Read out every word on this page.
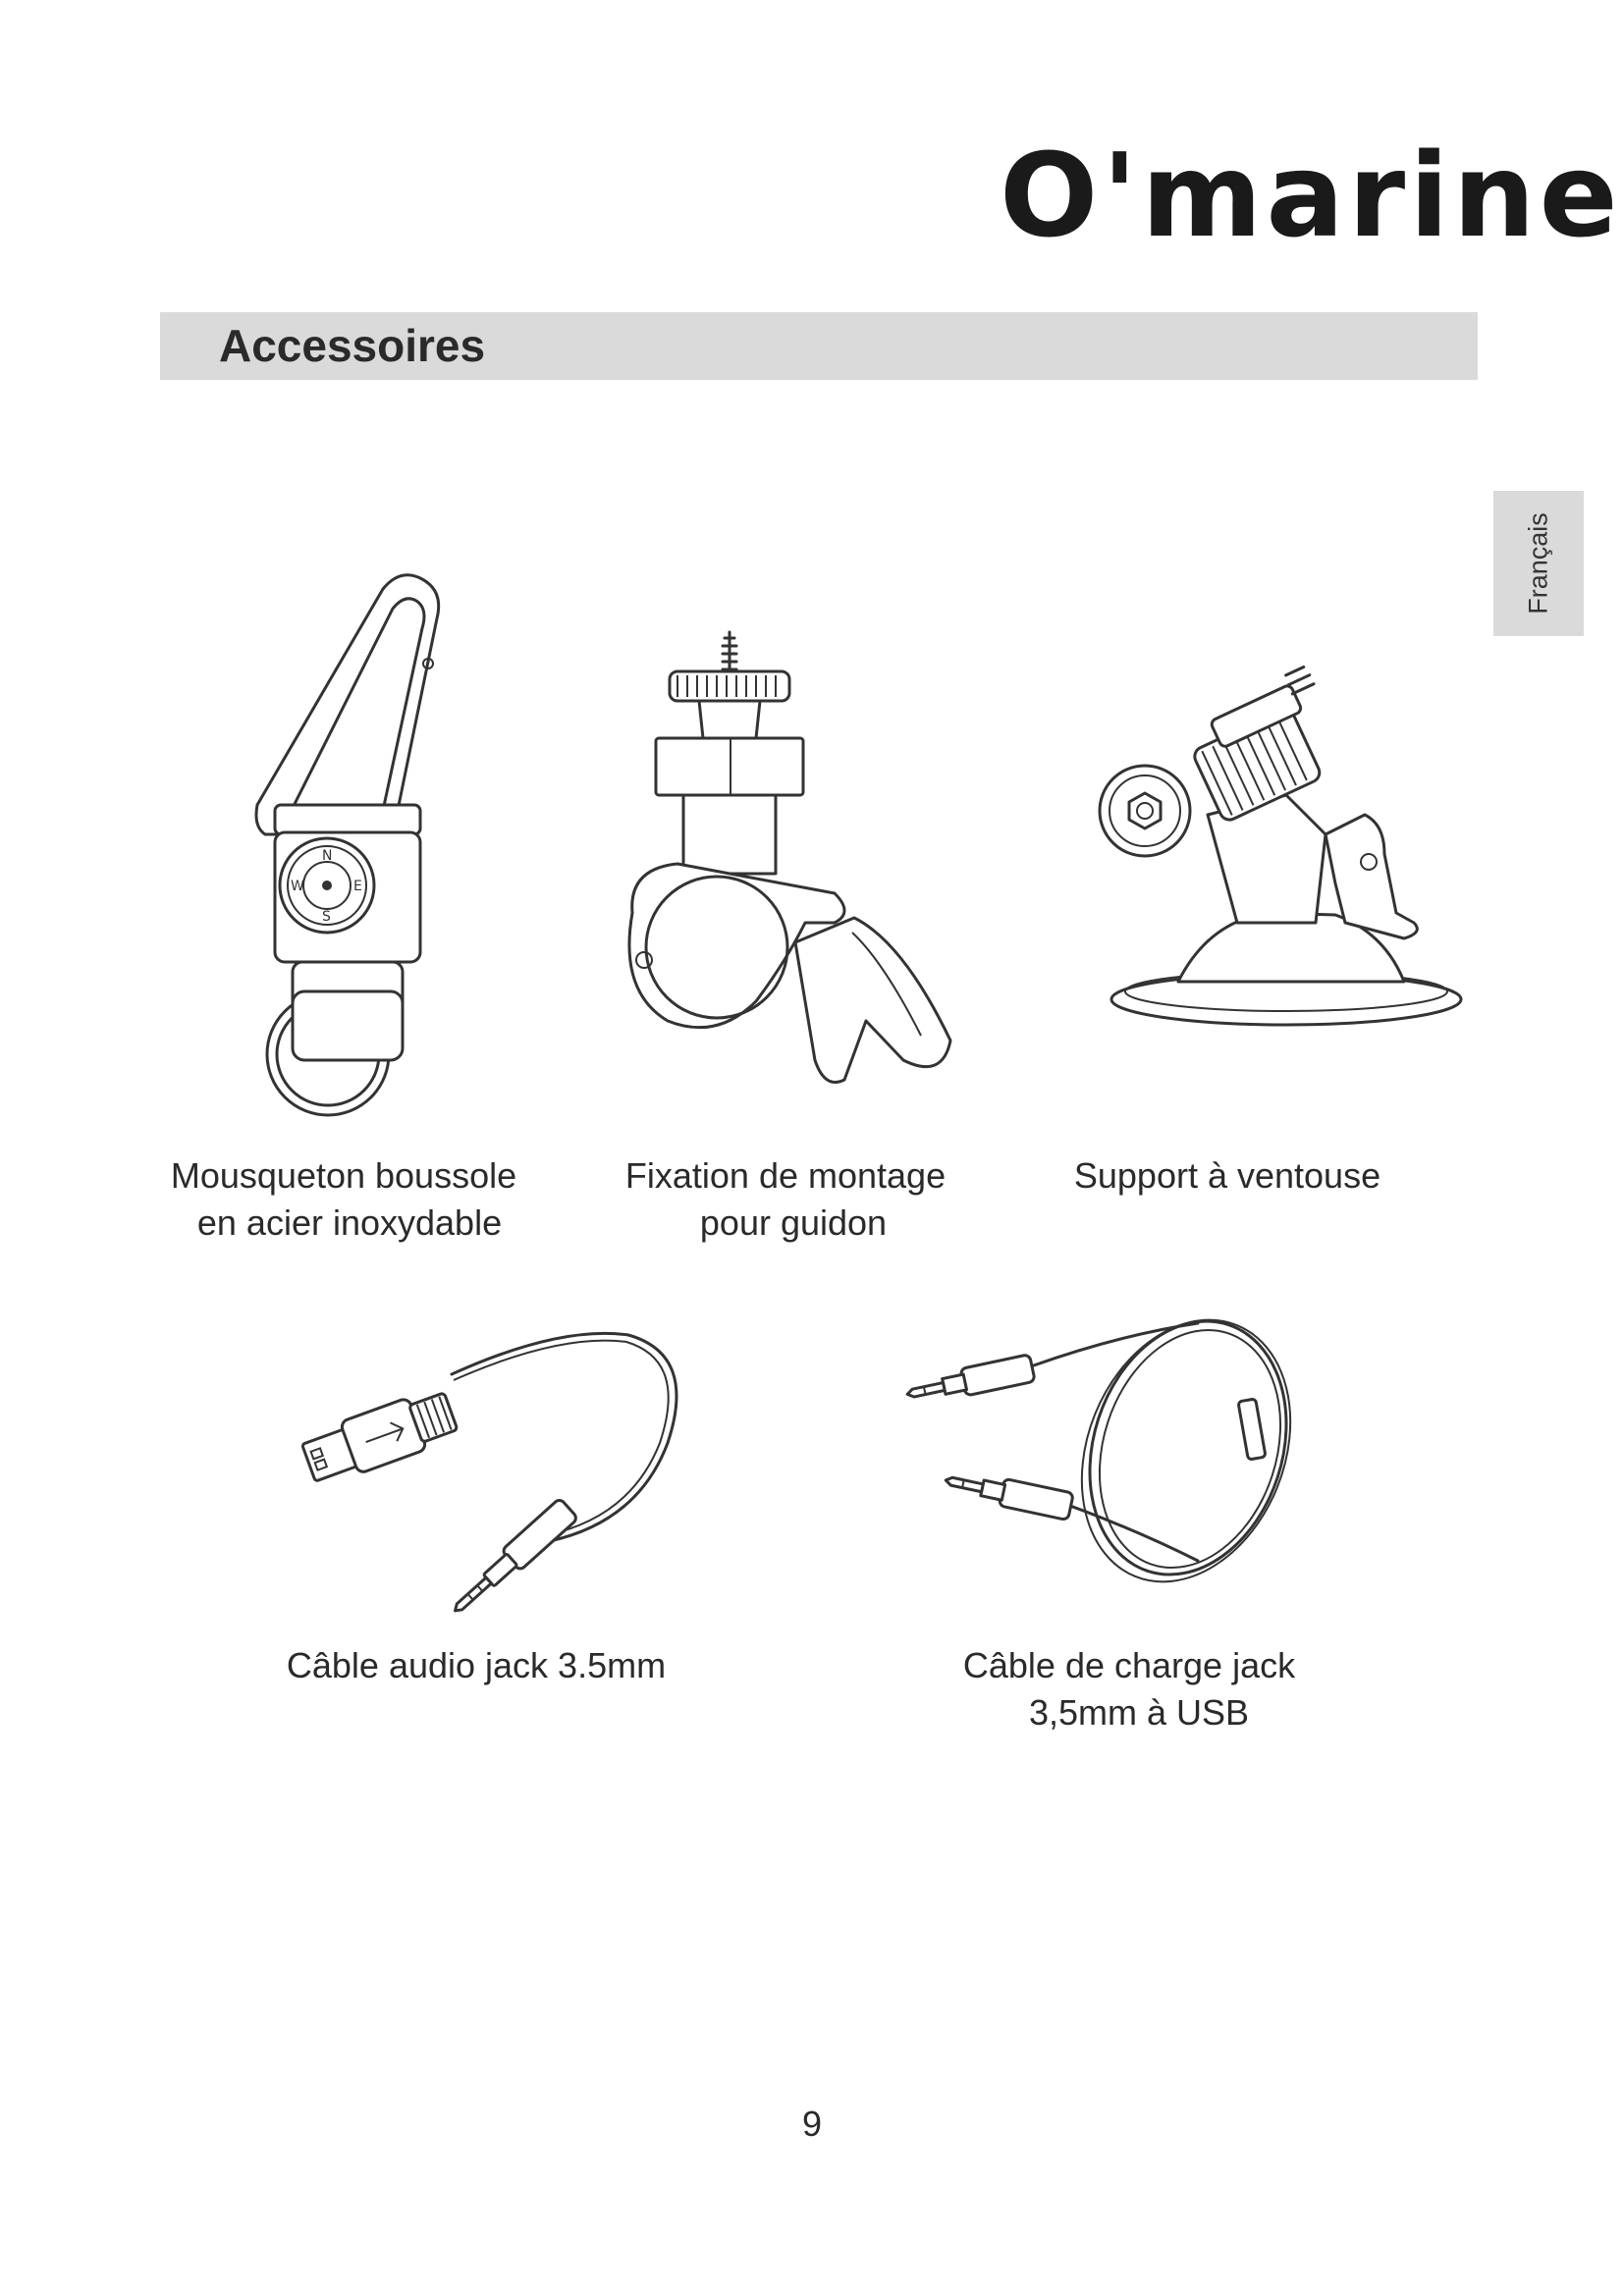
O'marine
Accessoires
Français
N
E
S
W

Mousqueton boussole
en acier inoxydable

Fixation de montage
pour guidon

Support à ventouse

Câble audio jack 3.5mm	Câble de charge jack
3,5mm à USB

9
